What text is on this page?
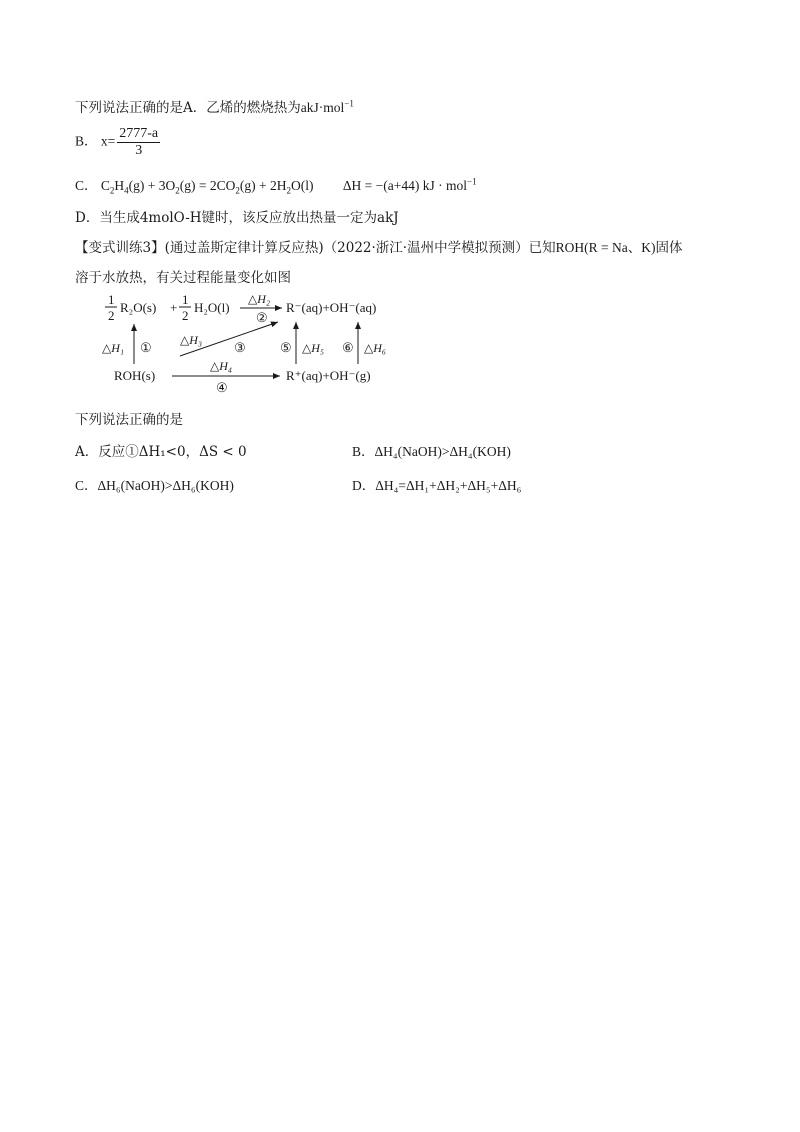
下列说法正确的是A．乙烯的燃烧热为akJ·mol$^{-1}$
B． $x= \frac{2777-a}{3}$
C． $C_2H_4(g) + 3O_2(g) = 2CO_2(g) + 2H_2O(l) \Delta H = -(a+44)$ kJ · mol$^{-1}$
D．当生成4molO-H键时，该反应放出热量一定为akJ
【变式训练3】(通过盖斯定律计算反应热)（2022·浙江·温州中学模拟预测）已知ROH(R = Na、K)固体
溶于水放热，有关过程能量变化如图
1
2
R₂O(s) +
1
2
H₂O(l)
△H₂
②
R⁻(aq)+OH⁻(aq)
△H₁ ① △H₃ ③	⑤ △H₅ ⑥ △H₆
ROH(s)
△H₄
④
R⁺(aq)+OH⁻(g)
下列说法正确的是
A．反应①ΔH₁<0，ΔS < 0	B．ΔH₄(NaOH)>ΔH₄(KOH)
C．ΔH₆(NaOH)>ΔH₆(KOH)	D．ΔH₄=ΔH₁+ΔH₂+ΔH₅+ΔH₆
